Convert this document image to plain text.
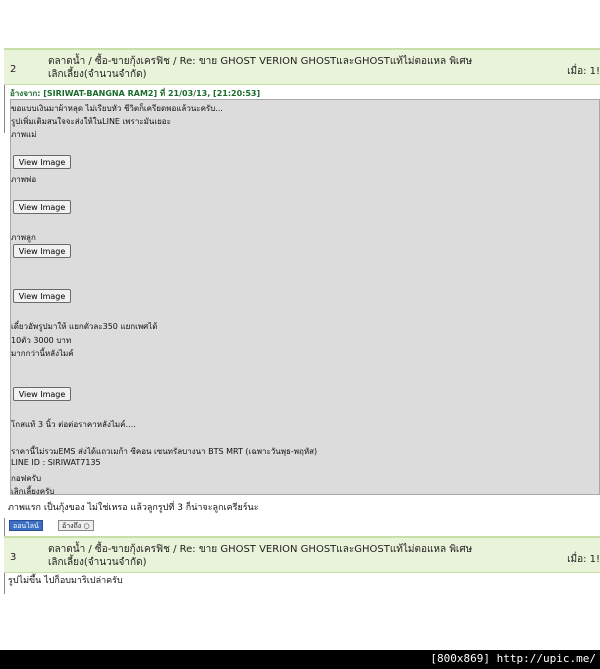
2
ตลาดน้ำ / ซื้อ-ขายกุ้งเครฟิช / Re: ขาย GHOST VERION GHOSTและGHOSTแท้ไม่ตอแหล พิเศษเลิกเลี้ยง(จำนวนจำกัด)	เมื่อ: 1!
อ้างจาก: [SIRIWAT-BANGNA RAM2] ที่ 21/03/13, [21:20:53]
ขอแบบเงินมาผ้าหลุด ไม่เรียบหัว ชีวิตก็เครียดพอแล้วนะครับ...
รูปเพิ่มเติมสนใจจะส่งให้ในLINE เพราะมันเยอะ
ภาพแม่
View Image
ภาพพ่อ
View Image
ภาพลูก
View Image
View Image
เดี๋ยวอัพรูปมาให้ แยกตัวละ350 แยกเพศได้
10ตัว 3000 บาท
มากกว่านี้หลังไมค์
View Image
โกสแท้ 3 นิ้ว ต่อต่อราคาหลังไมค์....
ราคานี้ไม่รวมEMS ส่งได้แถวเมก้า ซีคอน เซนทรัลบางนา BTS MRT (เฉพาะวันพุธ-พฤหัส)
LINE ID : SIRIWAT7135
กอฟครับ
เลิกเลี้ยงครับ
ภาพแรก เป็นกุ้งของ ไม่ใช่เหรอ แล้วลูกรูปที่ 3 ก็น่าจะลูกเครียร์นะ
ออนไลน์	อ้างถึง ○
3
ตลาดน้ำ / ซื้อ-ขายกุ้งเครฟิช / Re: ขาย GHOST VERION GHOSTและGHOSTแท้ไม่ตอแหล พิเศษเลิกเลี้ยง(จำนวนจำกัด)	เมื่อ: 1!
รูปไม่ขึ้น ไปก็อบมาริเปล่าครับ
[800x869] http://upic.me/
